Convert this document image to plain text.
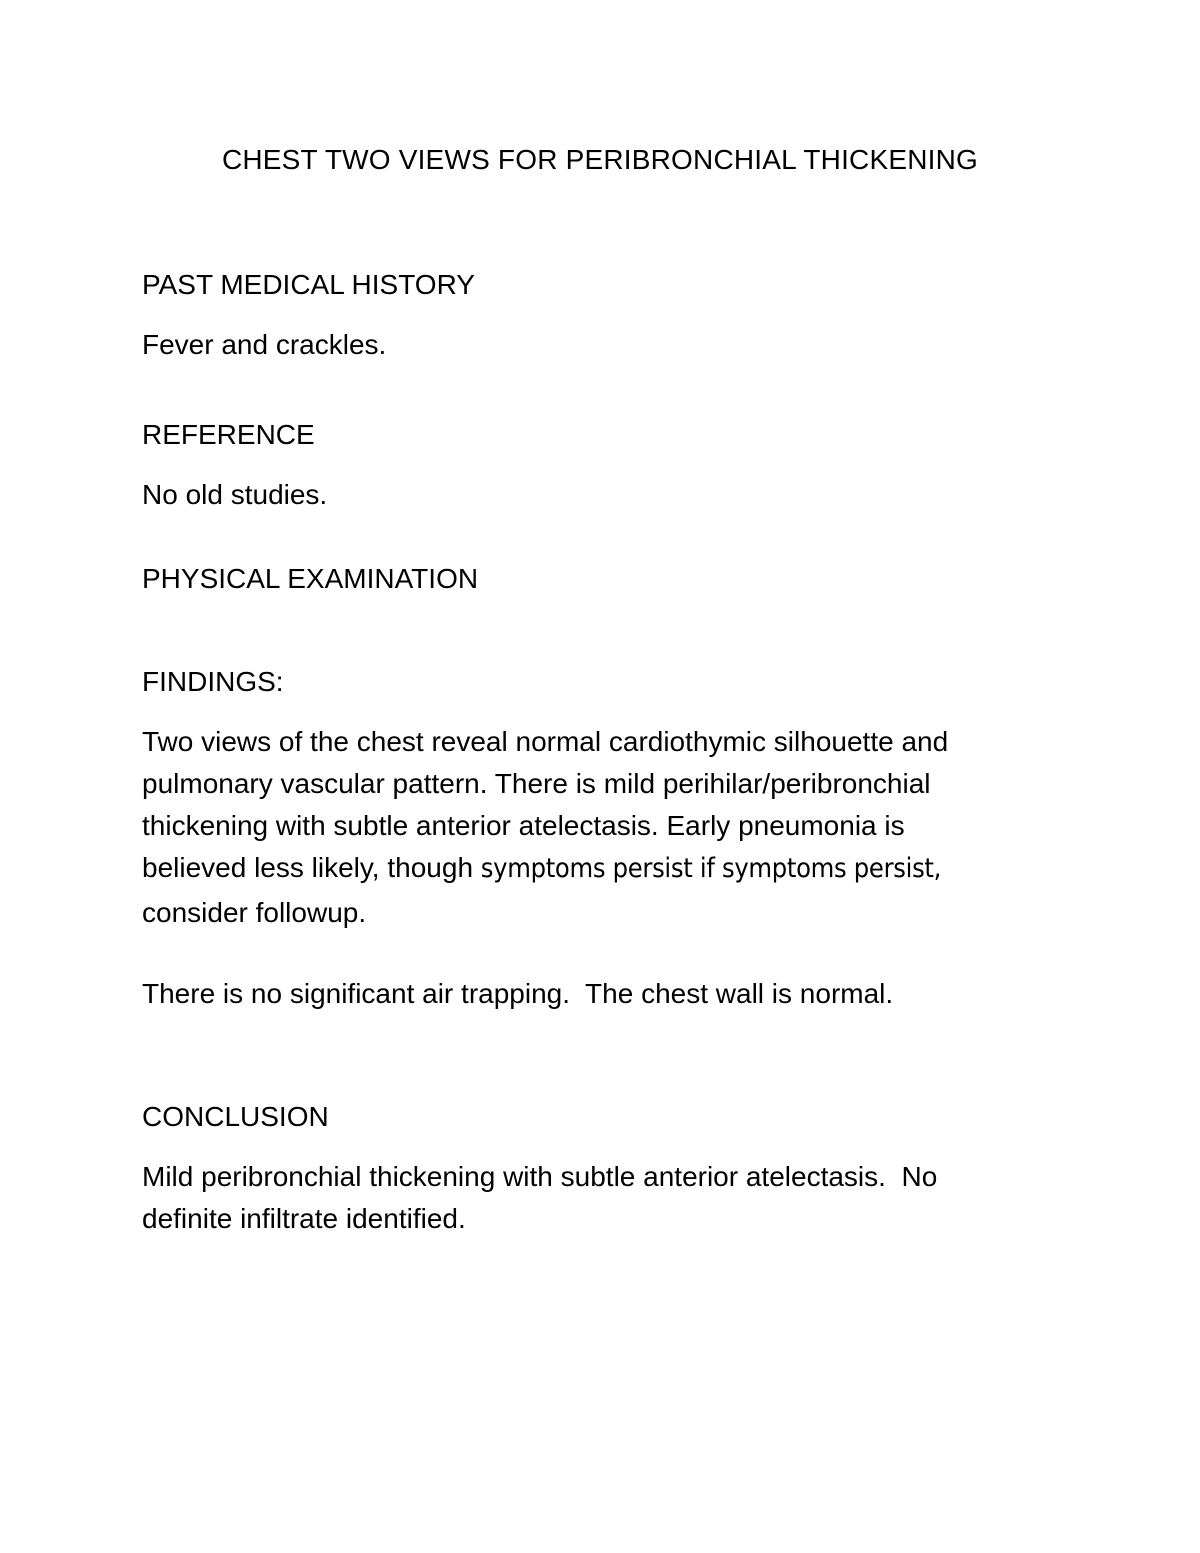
CHEST TWO VIEWS FOR PERIBRONCHIAL THICKENING
PAST MEDICAL HISTORY
Fever and crackles.
REFERENCE
No old studies.
PHYSICAL EXAMINATION
FINDINGS:
Two views of the chest reveal normal cardiothymic silhouette and
pulmonary vascular pattern. There is mild perihilar/peribronchial
thickening with subtle anterior atelectasis. Early pneumonia is
believed less likely, though symptoms persist if symptoms persist,
consider followup.
There is no significant air trapping.  The chest wall is normal.
CONCLUSION
Mild peribronchial thickening with subtle anterior atelectasis.  No
definite infiltrate identified.
